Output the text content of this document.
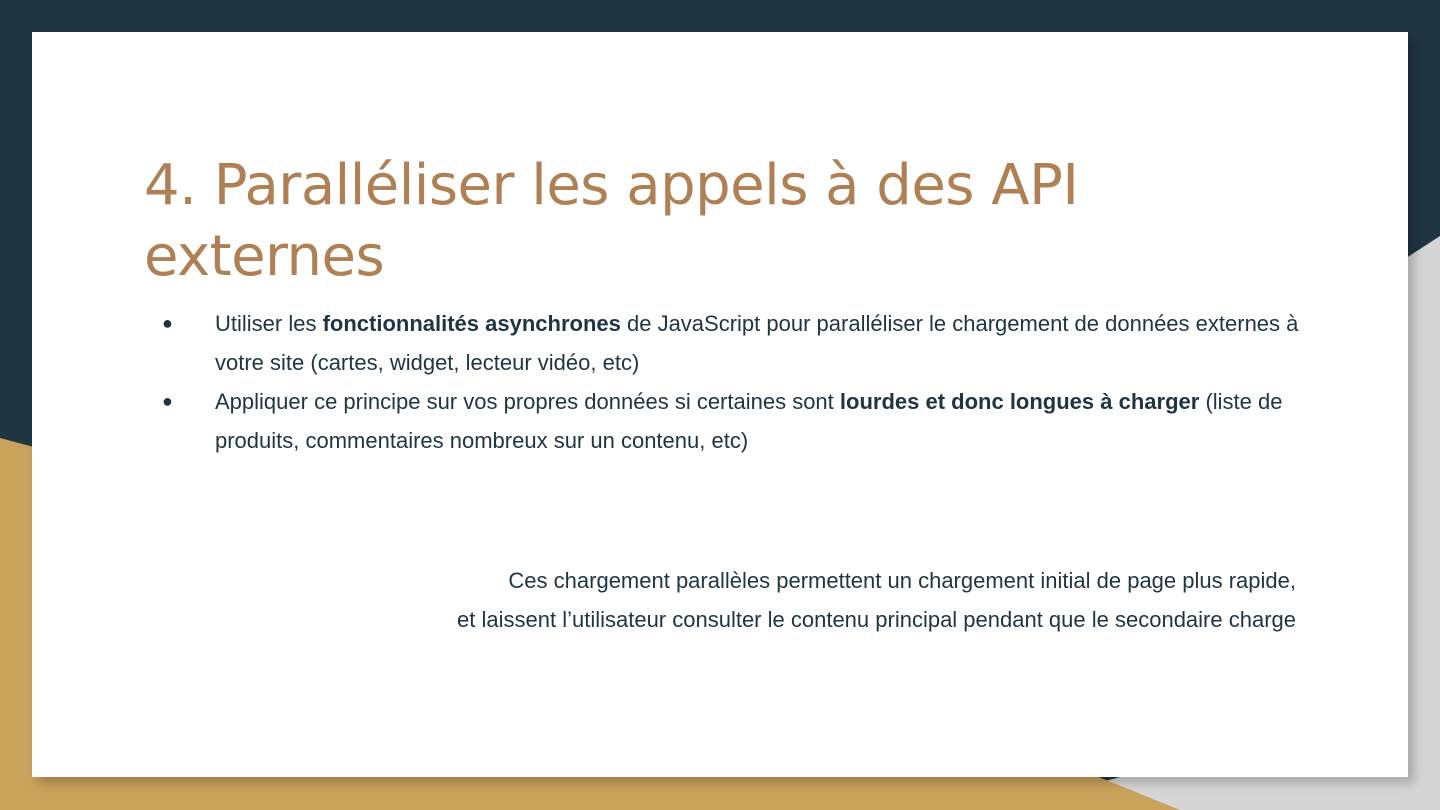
4. Paralléliser les appels à des API externes
● Utiliser les fonctionnalités asynchrones de JavaScript pour paralléliser le chargement de données externes à votre site (cartes, widget, lecteur vidéo, etc)
● Appliquer ce principe sur vos propres données si certaines sont lourdes et donc longues à charger (liste de produits, commentaires nombreux sur un contenu, etc)
Ces chargement parallèles permettent un chargement initial de page plus rapide,
et laissent l’utilisateur consulter le contenu principal pendant que le secondaire charge
